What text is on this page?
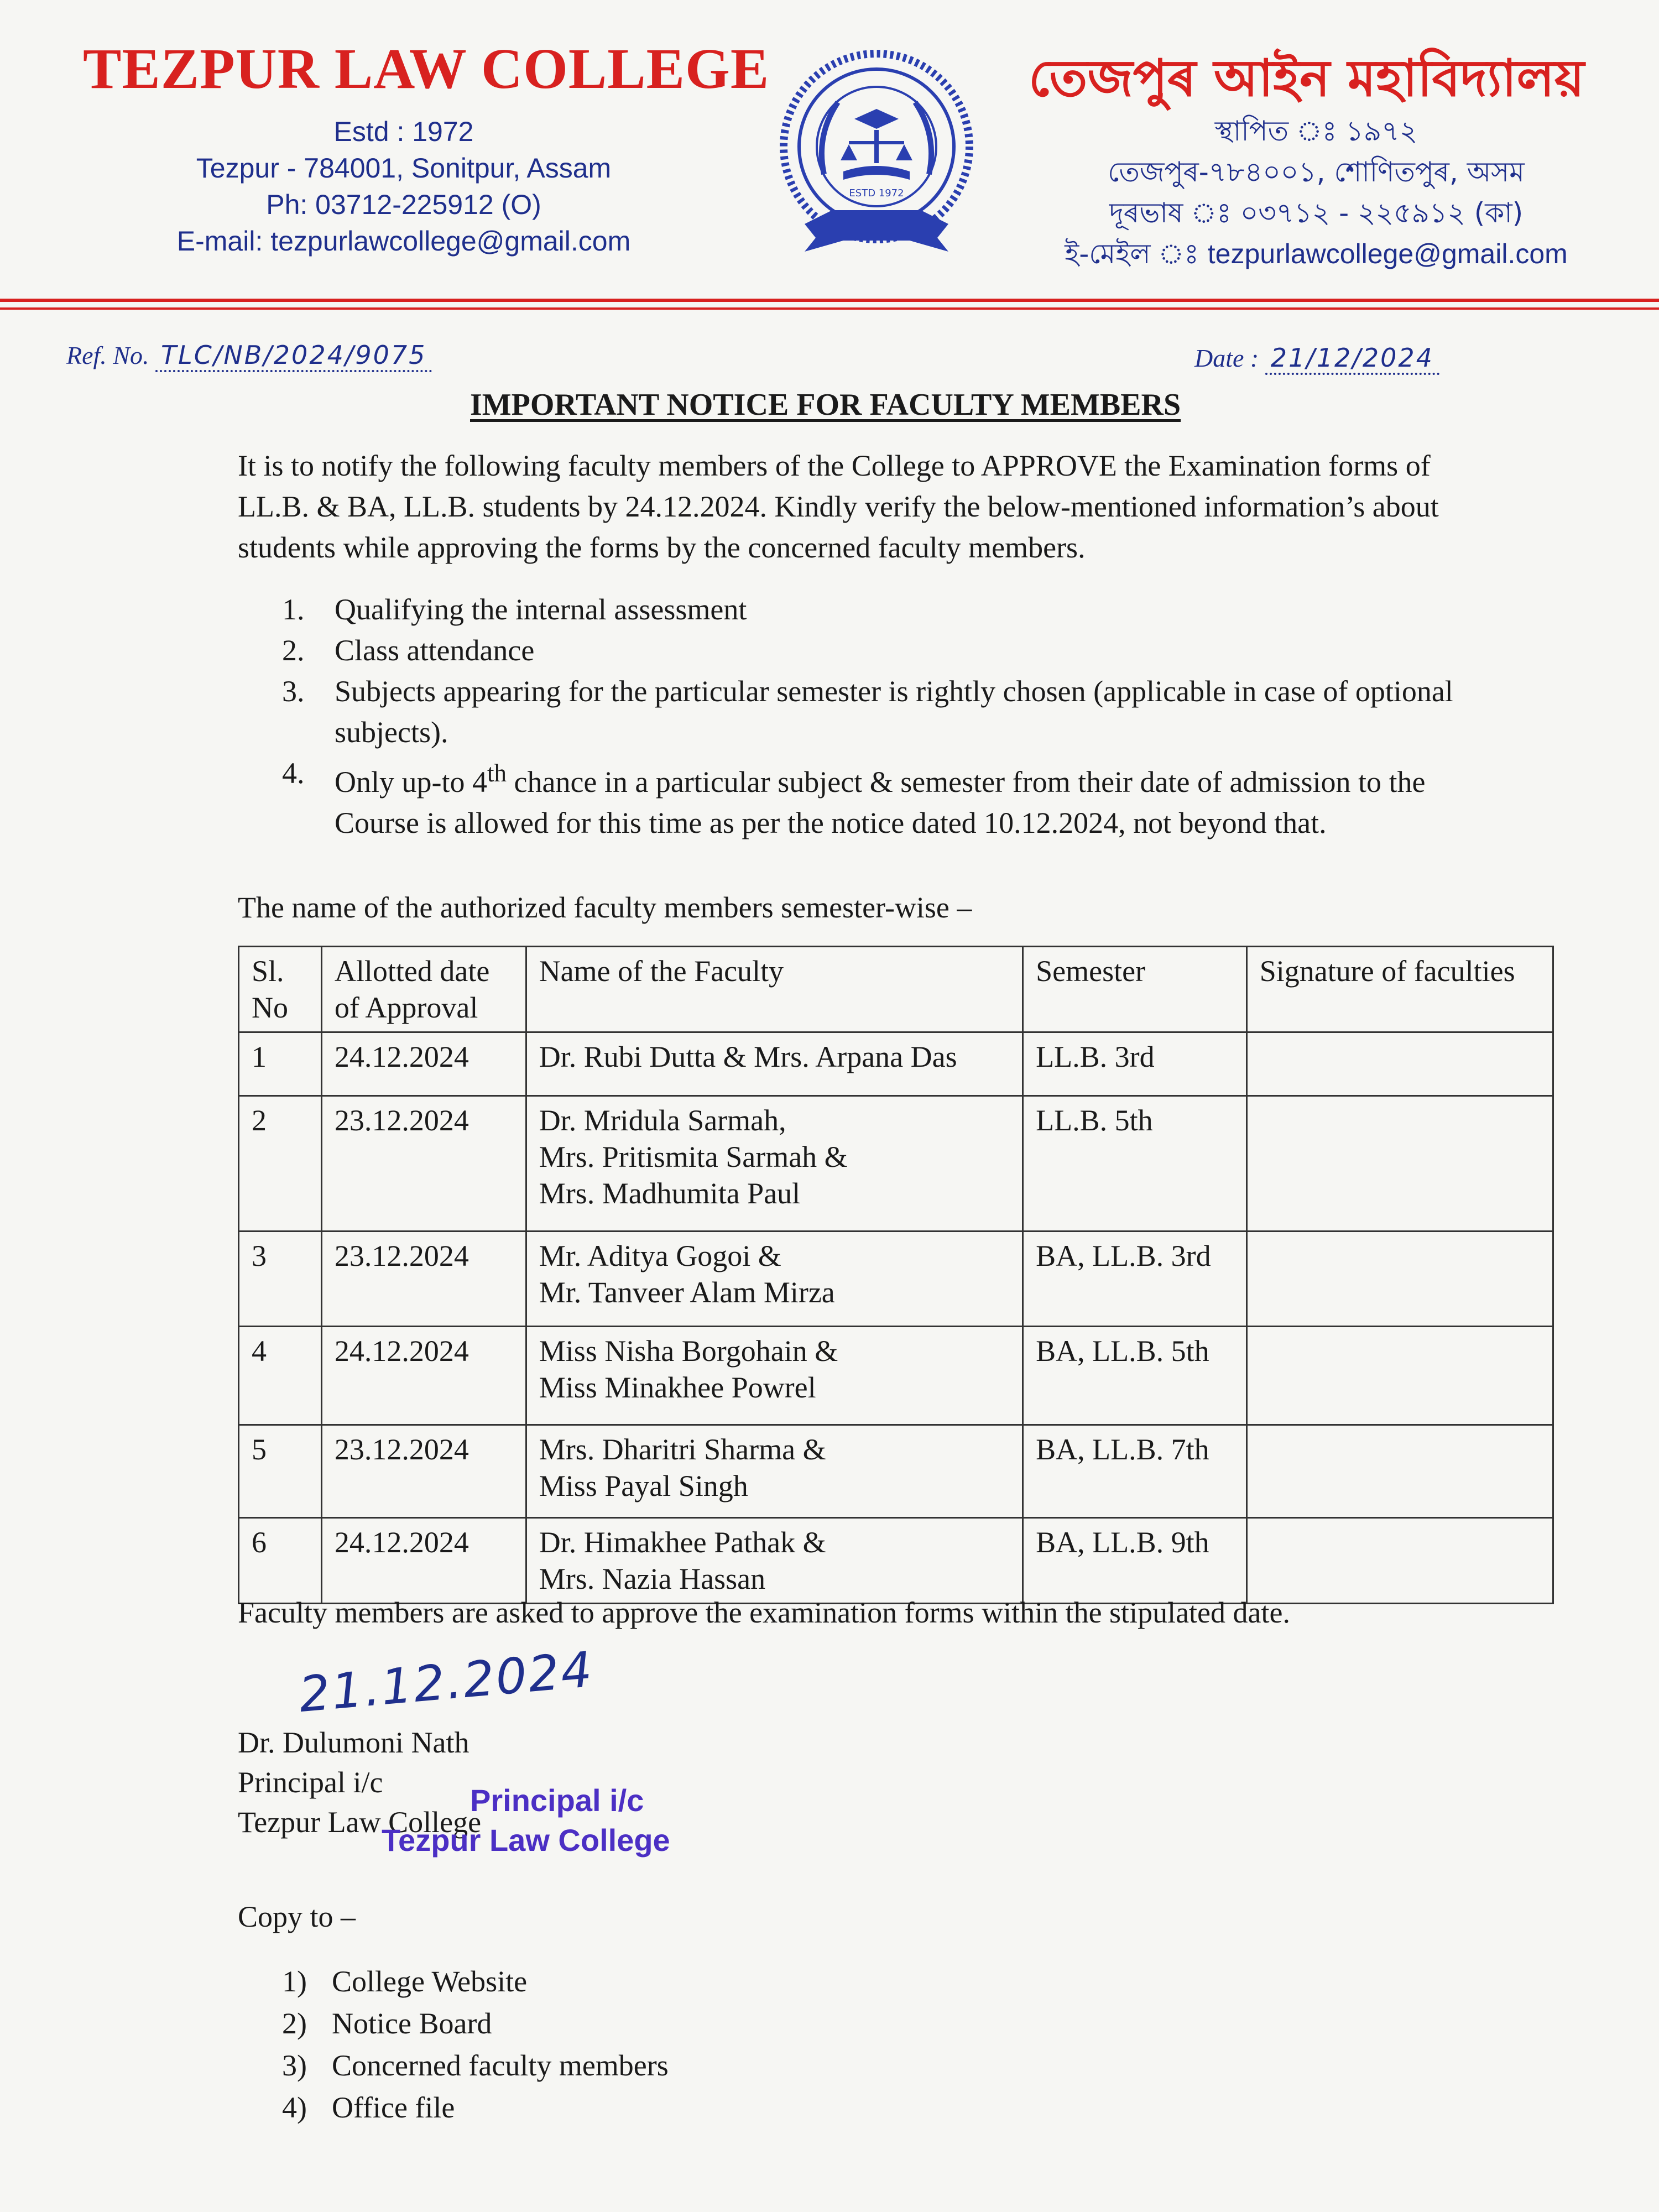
TEZPUR LAW COLLEGE
Estd : 1972
Tezpur - 784001, Sonitpur, Assam
Ph: 03712-225912 (O)
E-mail: tezpurlawcollege@gmail.com
ESTD 1972
তেজপুৰ আইন মহাবিদ্যালয়
স্থাপিত ঃ ১৯৭২
তেজপুৰ-৭৮৪০০১, শোণিতপুৰ, অসম
দূৰভাষ ঃ ০৩৭১২ - ২২৫৯১২ (কা)
ই-মেইল ঃ tezpurlawcollege@gmail.com
Ref. No. TLC/NB/2024/9075	Date : 21/12/2024
IMPORTANT NOTICE FOR FACULTY MEMBERS
It is to notify the following faculty members of the College to APPROVE the Examination forms of LL.B. & BA, LL.B. students by 24.12.2024. Kindly verify the below-mentioned information’s about students while approving the forms by the concerned faculty members.
1. Qualifying the internal assessment
2. Class attendance
3. Subjects appearing for the particular semester is rightly chosen (applicable in case of optional subjects).
4. Only up-to 4th chance in a particular subject & semester from their date of admission to the Course is allowed for this time as per the notice dated 10.12.2024, not beyond that.
The name of the authorized faculty members semester-wise –
Sl. No	Allotted date of Approval	Name of the Faculty	Semester	Signature of faculties
1	24.12.2024	Dr. Rubi Dutta & Mrs. Arpana Das	LL.B. 3rd	
2	23.12.2024	Dr. Mridula Sarmah,
Mrs. Pritismita Sarmah &
Mrs. Madhumita Paul	LL.B. 5th	
3	23.12.2024	Mr. Aditya Gogoi &
Mr. Tanveer Alam Mirza	BA, LL.B. 3rd	
4	24.12.2024	Miss Nisha Borgohain &
Miss Minakhee Powrel	BA, LL.B. 5th	
5	23.12.2024	Mrs. Dharitri Sharma &
Miss Payal Singh	BA, LL.B. 7th	
6	24.12.2024	Dr. Himakhee Pathak &
Mrs. Nazia Hassan	BA, LL.B. 9th	
Faculty members are asked to approve the examination forms within the stipulated date.
21.12.2024
Dr. Dulumoni Nath
Principal i/c
Tezpur Law College
Principal i/c
Tezpur Law College
Copy to –
1) College Website
2) Notice Board
3) Concerned faculty members
4) Office file
